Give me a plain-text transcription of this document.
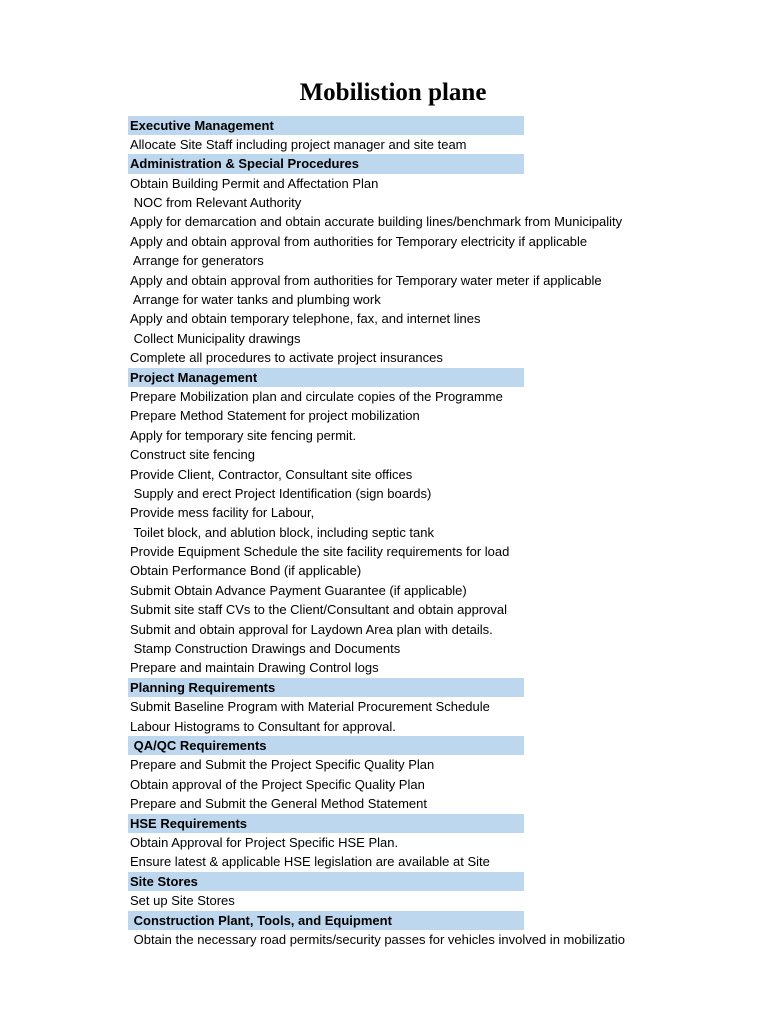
Mobilistion plane
Executive Management
Allocate Site Staff including project manager and site team
Administration & Special Procedures
Obtain Building Permit and Affectation Plan
NOC from Relevant Authority
Apply for demarcation and obtain accurate building lines/benchmark from Municipality
Apply and obtain approval from authorities for Temporary electricity if applicable
Arrange for generators
Apply and obtain approval from authorities for Temporary water meter if applicable
Arrange for water tanks and plumbing work
Apply and obtain temporary telephone, fax, and internet lines
Collect Municipality drawings
Complete all procedures to activate project insurances
Project Management
Prepare Mobilization plan and circulate copies of the Programme
Prepare Method Statement for project mobilization
Apply for temporary site fencing permit.
Construct site fencing
Provide Client, Contractor, Consultant site offices
Supply and erect Project Identification (sign boards)
Provide mess facility for Labour,
Toilet block, and ablution block, including septic tank
Provide Equipment Schedule the site facility requirements for load
Obtain Performance Bond (if applicable)
Submit Obtain Advance Payment Guarantee (if applicable)
Submit site staff CVs to the Client/Consultant and obtain approval
Submit and obtain approval for Laydown Area plan with details.
Stamp Construction Drawings and Documents
Prepare and maintain Drawing Control logs
Planning Requirements
Submit Baseline Program with Material Procurement Schedule
Labour Histograms to Consultant for approval.
QA/QC Requirements
Prepare and Submit the Project Specific Quality Plan
Obtain approval of the Project Specific Quality Plan
Prepare and Submit the General Method Statement
HSE Requirements
Obtain Approval for Project Specific HSE Plan.
Ensure latest & applicable HSE legislation are available at Site
Site Stores
Set up Site Stores
Construction Plant, Tools, and Equipment
Obtain the necessary road permits/security passes for vehicles involved in mobilizatio
